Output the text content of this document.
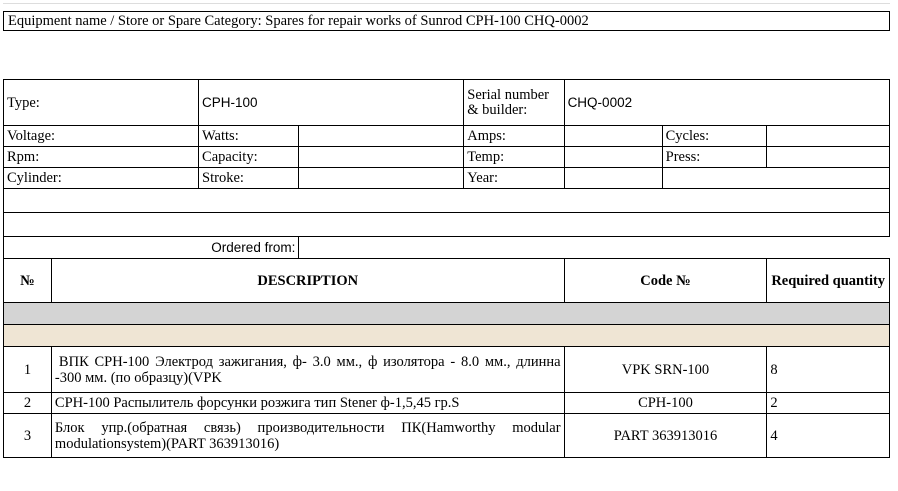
Equipment name / Store or Spare Category: Spares for repair works of Sunrod CPH-100 CHQ-0002
Type:		CPH-100		Serial number & builder:	CHQ-0002		
Voltage:		Watts:		Amps:		Cycles:	
Rpm:		Capacity:		Temp:		Press:	
Cylinder:		Stroke:		Year:			

Ordered from:							
№	DESCRIPTION				Code №		Required quantity

1	ВПК СРН-100 Электрод зажигания, ф- 3.0 мм., ф изолятора - 8.0 мм., длинна -300 мм. (по образцу)(VPK				VPK SRN-100		8
2	СРН-100 Распылитель форсунки розжига тип Stener ф-1,5,45 гр.S				CPH-100		2
3	Блок упр.(обратная связь) производительности ПК(Hamworthy modular modulationsystem)(PART 363913016)				PART 363913016		4
